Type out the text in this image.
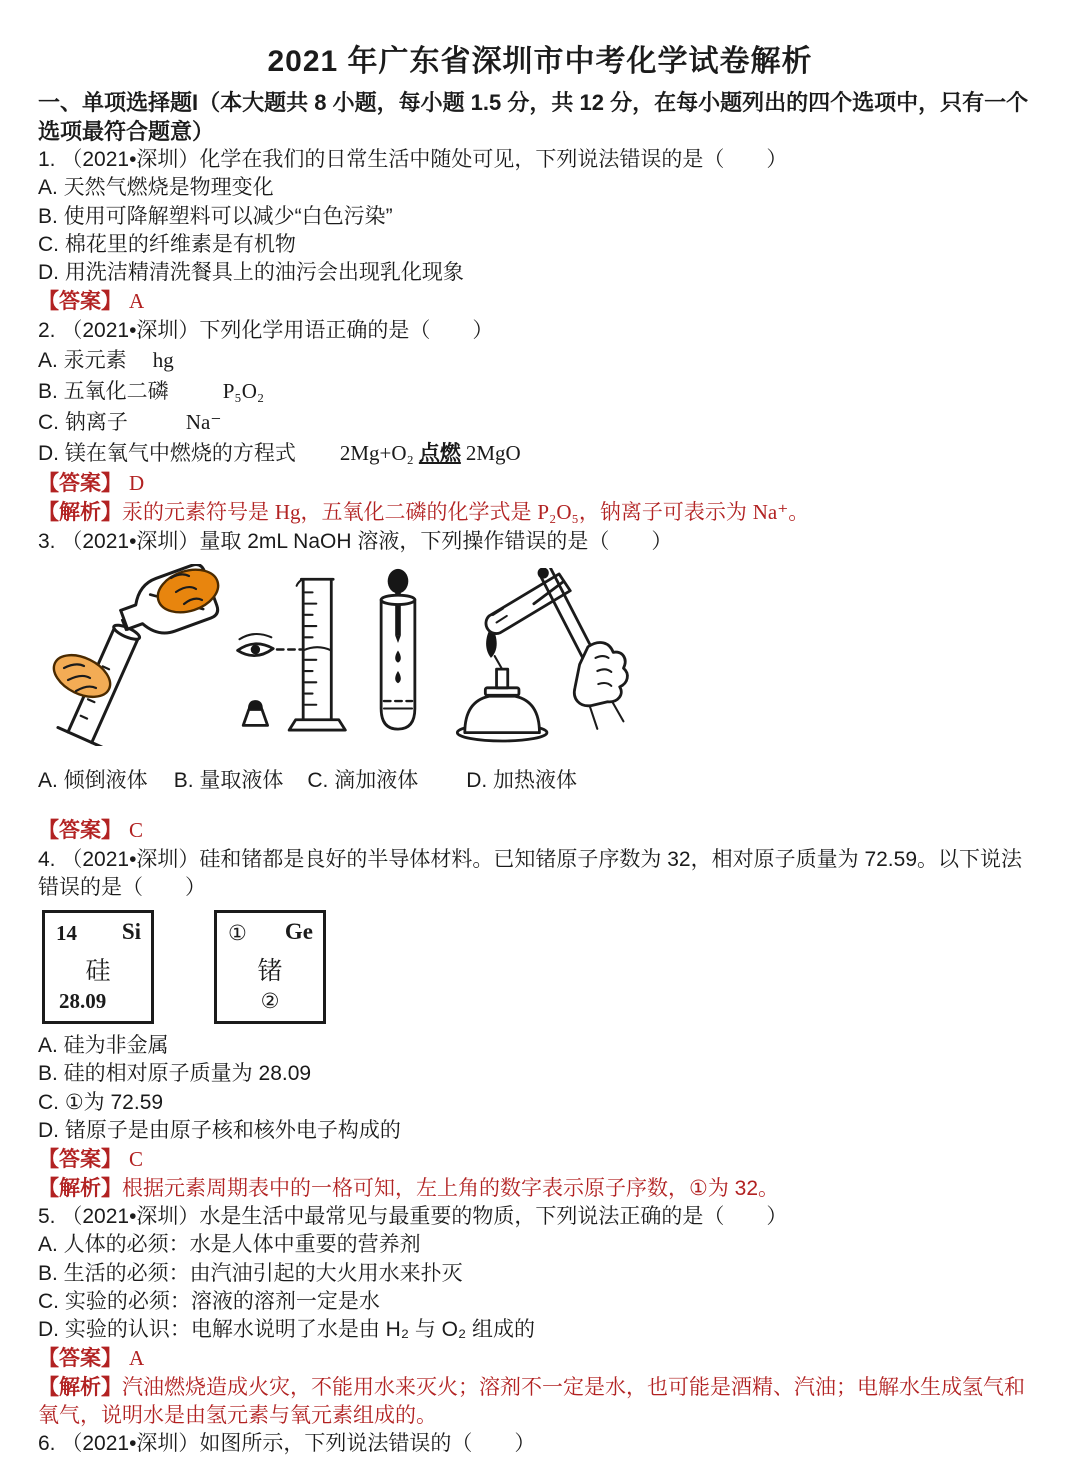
2021 年广东省深圳市中考化学试卷解析

一、单项选择题I（本大题共 8 小题，每小题 1.5 分，共 12 分，在每小题列出的四个选项中，只有一个选项最符合题意）

1. （2021•深圳）化学在我们的日常生活中随处可见，下列说法错误的是（　　）

A. 天然气燃烧是物理变化

B. 使用可降解塑料可以减少“白色污染”

C. 棉花里的纤维素是有机物

D. 用洗洁精清洗餐具上的油污会出现乳化现象

【答案】 A

2. （2021•深圳）下列化学用语正确的是（　　）

A. 汞元素 hg

B. 五氧化二磷	P₅O₂

C. 钠离子	Na⁻

D. 镁在氧气中燃烧的方程式 2Mg+O₂ 点燃 2MgO

【答案】 D

【解析】汞的元素符号是 Hg，五氧化二磷的化学式是 P₂O₅，钠离子可表示为 Na⁺。

3. （2021•深圳）量取 2mL NaOH 溶液，下列操作错误的是（　　）

A. 倾倒液体 B. 量取液体 C. 滴加液体 D. 加热液体

【答案】 C

4. （2021•深圳）硅和锗都是良好的半导体材料。已知锗原子序数为 32，相对原子质量为 72.59。以下说法错误的是（　　）

14 Si
硅
28.09
① Ge
锗
②

A. 硅为非金属

B. 硅的相对原子质量为 28.09

C. ①为 72.59

D. 锗原子是由原子核和核外电子构成的

【答案】 C

【解析】根据元素周期表中的一格可知，左上角的数字表示原子序数，①为 32。

5. （2021•深圳）水是生活中最常见与最重要的物质，下列说法正确的是（　　）

A. 人体的必须：水是人体中重要的营养剂

B. 生活的必须：由汽油引起的大火用水来扑灭

C. 实验的必须：溶液的溶剂一定是水

D. 实验的认识：电解水说明了水是由 H₂ 与 O₂ 组成的

【答案】 A

【解析】汽油燃烧造成火灾，不能用水来灭火；溶剂不一定是水，也可能是酒精、汽油；电解水生成氢气和氧气，说明水是由氢元素与氧元素组成的。

6. （2021•深圳）如图所示，下列说法错误的（　　）
